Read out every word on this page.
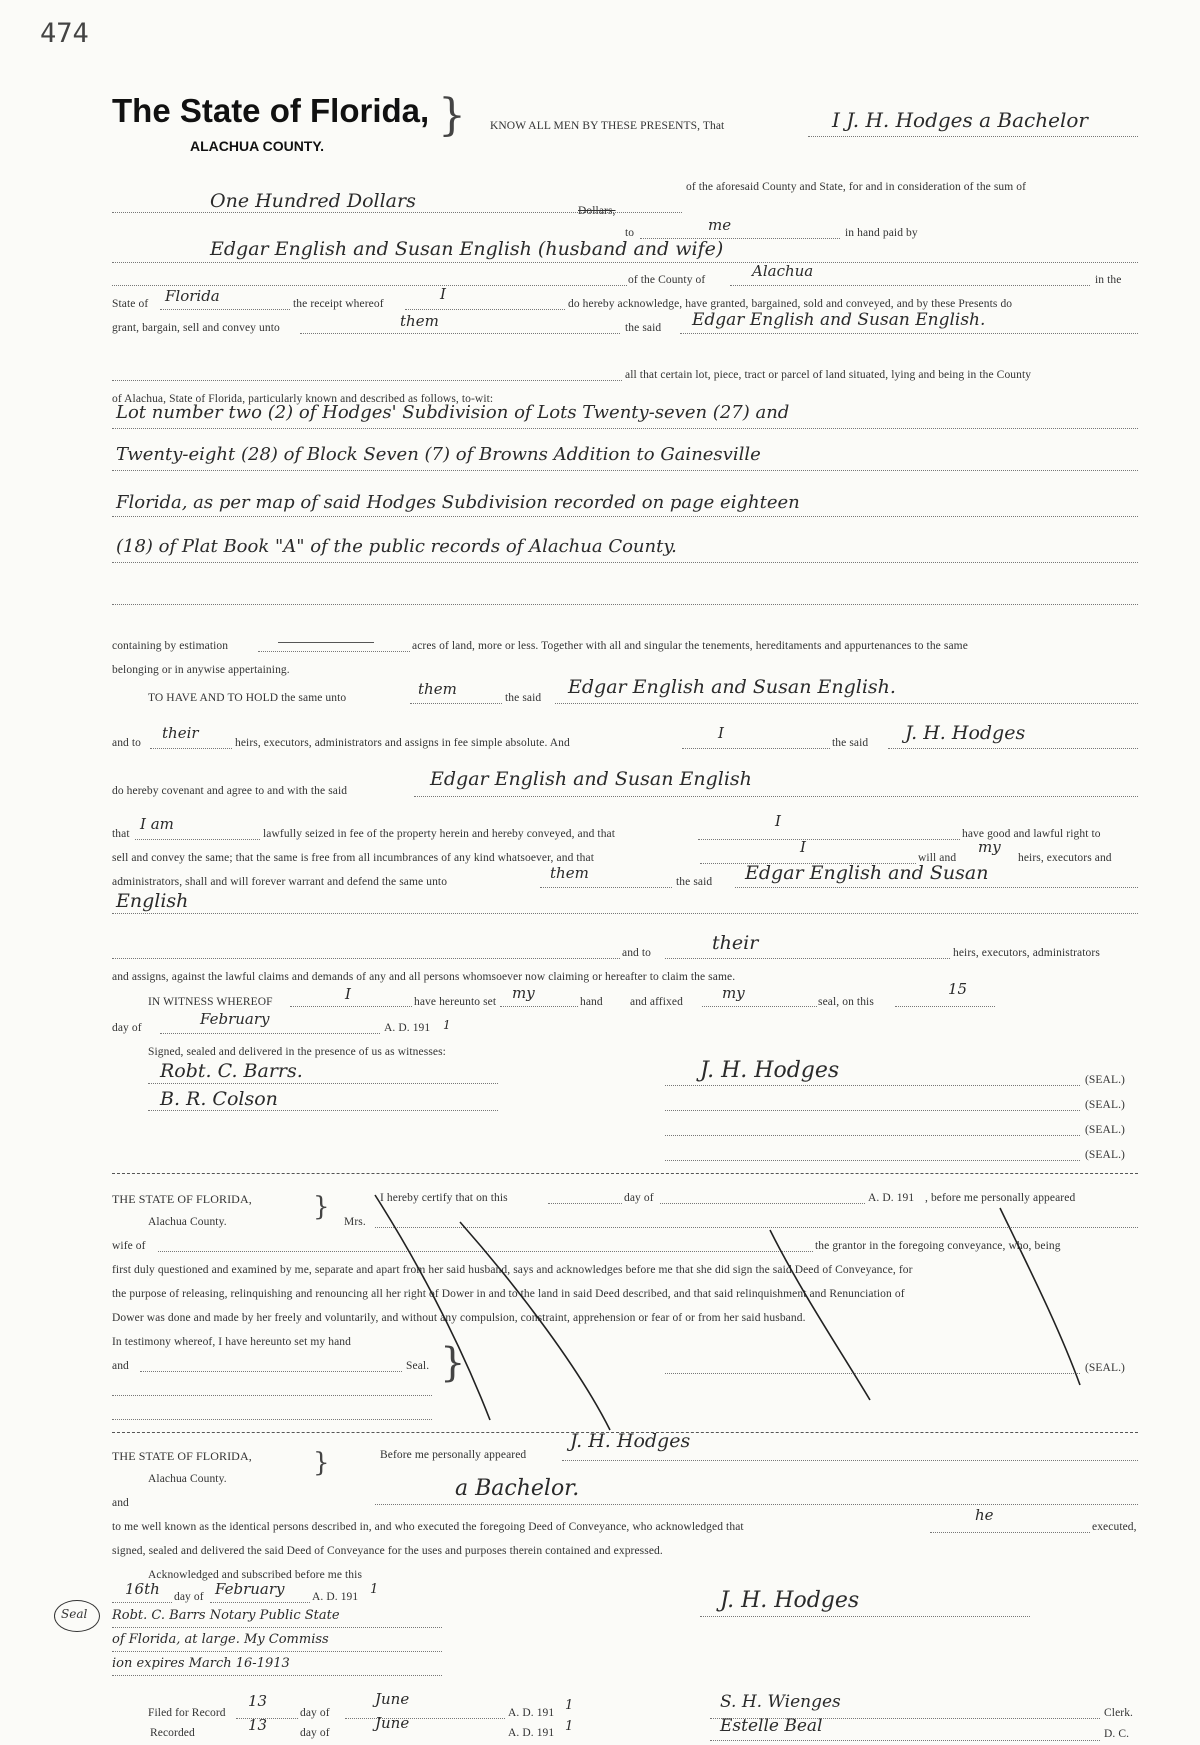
474
The State of Florida,
ALACHUA COUNTY.
} KNOW ALL MEN BY THESE PRESENTS, That	I J. H. Hodges a Bachelor
One Hundred Dollars
of the aforesaid County and State, for and in consideration of the sum of
Dollars,
to	me	in hand paid by
Edgar English and Susan English (husband and wife)
of the County of	Alachua	in the
State of Florida	the receipt whereof
I
do hereby acknowledge, have granted, bargained, sold and conveyed, and by these Presents do
grant, bargain, sell and convey unto	them	the said Edgar English and Susan English.
all that certain lot, piece, tract or parcel of land situated, lying and being in the County
of Alachua, State of Florida, particularly known and described as follows, to-wit:
Lot number two (2) of Hodges' Subdivision of Lots Twenty-seven (27) and
Twenty-eight (28) of Block Seven (7) of Browns Addition to Gainesville
Florida, as per map of said Hodges Subdivision recorded on page eighteen
(18) of Plat Book "A" of the public records of Alachua County.
containing by estimation	acres of land, more or less. Together with all and singular the tenements, hereditaments and appurtenances to the same
belonging or in anywise appertaining.
TO HAVE AND TO HOLD the same unto	them	the said Edgar English and Susan English.
and to
their
heirs, executors, administrators and assigns in fee simple absolute. And
I
the said J. H. Hodges
do hereby covenant and agree to and with the said
Edgar English and Susan English
that
I am
lawfully seized in fee of the property herein and hereby conveyed, and that
I
have good and lawful right to
sell and convey the same; that the same is free from all incumbrances of any kind whatsoever, and that
I
will and
my
heirs, executors and
administrators, shall and will forever warrant and defend the same unto	them	the said Edgar English and Susan
English
and to	their	heirs, executors, administrators
and assigns, against the lawful claims and demands of any and all persons whomsoever now claiming or hereafter to claim the same.
IN WITNESS WHEREOF	I	have hereunto set my	hand and affixed	my	seal, on this
15
day of	February	A. D. 191 1
Signed, sealed and delivered in the presence of us as witnesses:
Robt. C. Barrs.
B. R. Colson
J. H. Hodges	(SEAL.)
(SEAL.)
(SEAL.)
(SEAL.)
THE STATE OF FLORIDA, }
Alachua County.
I hereby certify that on this	day of	A. D. 191 , before me personally appeared
Mrs.
wife of	the grantor in the foregoing conveyance, who, being
first duly questioned and examined by me, separate and apart from her said husband, says and acknowledges before me that she did sign the said Deed of Conveyance, for
the purpose of releasing, relinquishing and renouncing all her right of Dower in and to the land in said Deed described, and that said relinquishment and Renunciation of
Dower was done and made by her freely and voluntarily, and without any compulsion, constraint, apprehension or fear of or from her said husband.
In testimony whereof, I have hereunto set my hand
and	Seal. }	(SEAL.)
THE STATE OF FLORIDA, }
Alachua County.
Before me personally appeared
J. H. Hodges
a Bachelor.
and
to me well known as the identical persons described in, and who executed the foregoing Deed of Conveyance, who acknowledged that
he
executed,
signed, sealed and delivered the said Deed of Conveyance for the uses and purposes therein contained and expressed.
Acknowledged and subscribed before me this
16th day of February A. D. 191 1
Robt. C. Barrs Notary Public State
of Florida, at large. My Commiss
ion expires March 16-1913
Seal
J. H. Hodges
Filed for Record
13
day of
June
A. D. 191 1
Recorded	13	day of
June
A. D. 191 1
S. H. Wienges
Clerk.
Estelle Beal	D. C.
